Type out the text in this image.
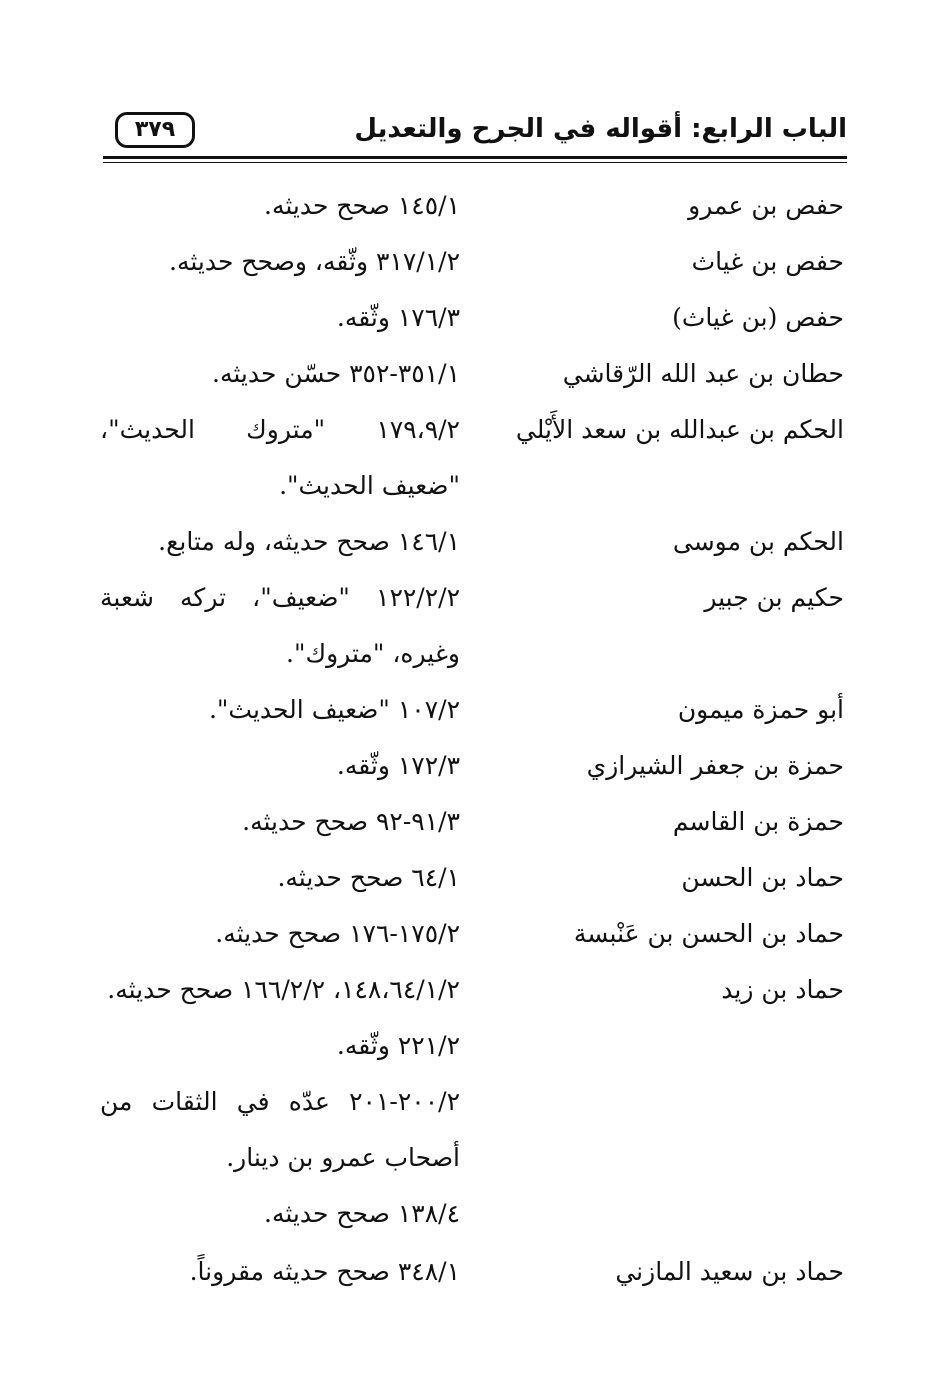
الباب الرابع: أقواله في الجرح والتعديل
٣٧٩
حفص بن عمرو
١٤٥/١ صحح حديثه.
حفص بن غياث
٣١٧/١/٢ وثّقه، وصحح حديثه.
حفص (بن غياث)
١٧٦/٣ وثّقه.
حطان بن عبد الله الرّقاشي
٣٥١/١-٣٥٢ حسّن حديثه.
الحكم بن عبدالله بن سعد الأَيْلي
١٧٩،٩/٢ "متروك الحديث"،
"ضعيف الحديث".
الحكم بن موسى
١٤٦/١ صحح حديثه، وله متابع.
حكيم بن جبير
١٢٢/٢/٢ "ضعيف"، تركه شعبة
وغيره، "متروك".
أبو حمزة ميمون
١٠٧/٢ "ضعيف الحديث".
حمزة بن جعفر الشيرازي
١٧٢/٣ وثّقه.
حمزة بن القاسم
٩١/٣-٩٢ صحح حديثه.
حماد بن الحسن
٦٤/١ صحح حديثه.
حماد بن الحسن بن عَنْبسة
١٧٥/٢-١٧٦ صحح حديثه.
حماد بن زيد
١٤٨،٦٤/١/٢، ١٦٦/٢/٢ صحح حديثه.
٢٢١/٢ وثّقه.
٢٠٠/٢-٢٠١ عدّه في الثقات من
أصحاب عمرو بن دينار.
١٣٨/٤ صحح حديثه.
حماد بن سعيد المازني
٣٤٨/١ صحح حديثه مقروناً.
